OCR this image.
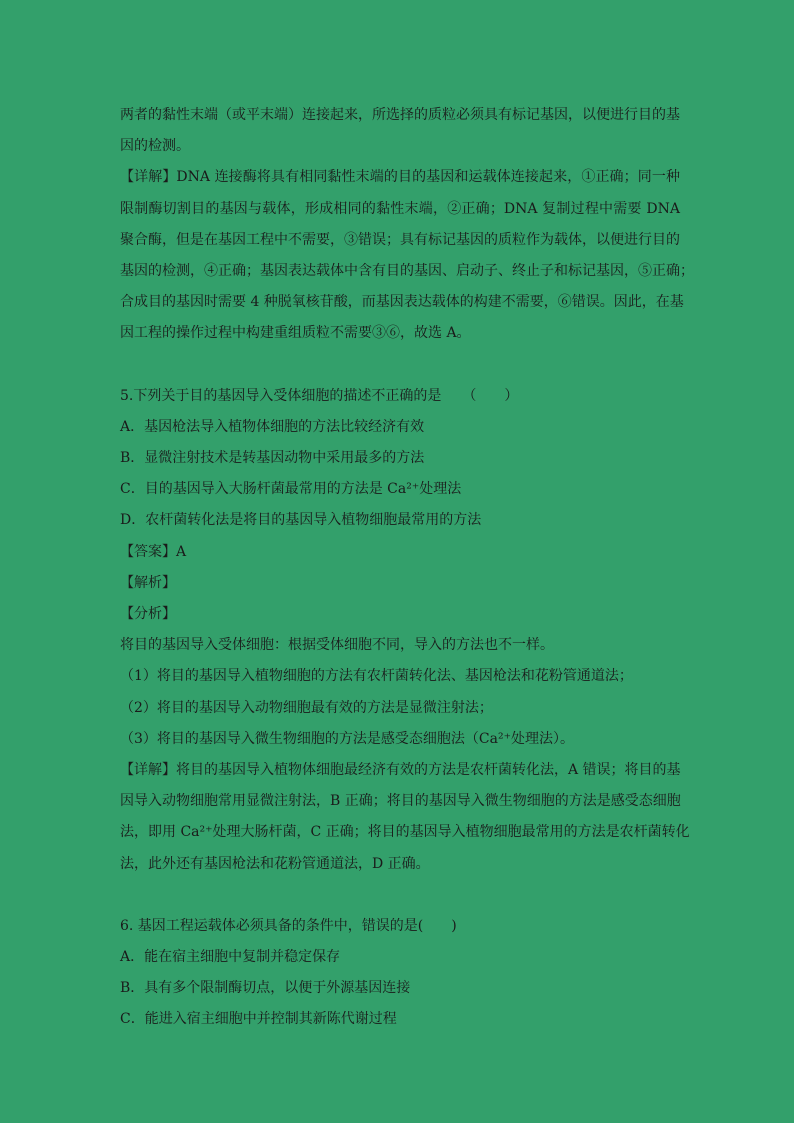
两者的黏性末端（或平末端）连接起来，所选择的质粒必须具有标记基因，以便进行目的基
因的检测。
【详解】DNA 连接酶将具有相同黏性末端的目的基因和运载体连接起来，①正确；同一种
限制酶切割目的基因与载体，形成相同的黏性末端，②正确；DNA 复制过程中需要 DNA
聚合酶，但是在基因工程中不需要，③错误；具有标记基因的质粒作为载体，以便进行目的
基因的检测，④正确；基因表达载体中含有目的基因、启动子、终止子和标记基因，⑤正确；
合成目的基因时需要 4 种脱氧核苷酸，而基因表达载体的构建不需要，⑥错误。因此，在基
因工程的操作过程中构建重组质粒不需要③⑥，故选 A。
5.下列关于目的基因导入受体细胞的描述不正确的是　　（　　）
A．基因枪法导入植物体细胞的方法比较经济有效
B．显微注射技术是转基因动物中采用最多的方法
C．目的基因导入大肠杆菌最常用的方法是 Ca²⁺处理法
D．农杆菌转化法是将目的基因导入植物细胞最常用的方法
【答案】A
【解析】
【分析】
将目的基因导入受体细胞：根据受体细胞不同，导入的方法也不一样。
（1）将目的基因导入植物细胞的方法有农杆菌转化法、基因枪法和花粉管通道法；
（2）将目的基因导入动物细胞最有效的方法是显微注射法；
（3）将目的基因导入微生物细胞的方法是感受态细胞法（Ca²⁺处理法）。
【详解】将目的基因导入植物体细胞最经济有效的方法是农杆菌转化法，A 错误；将目的基
因导入动物细胞常用显微注射法，B 正确；将目的基因导入微生物细胞的方法是感受态细胞
法，即用 Ca²⁺处理大肠杆菌，C 正确；将目的基因导入植物细胞最常用的方法是农杆菌转化
法，此外还有基因枪法和花粉管通道法，D 正确。
6. 基因工程运载体必须具备的条件中，错误的是(　　)
A．能在宿主细胞中复制并稳定保存
B．具有多个限制酶切点，以便于外源基因连接
C．能进入宿主细胞中并控制其新陈代谢过程
